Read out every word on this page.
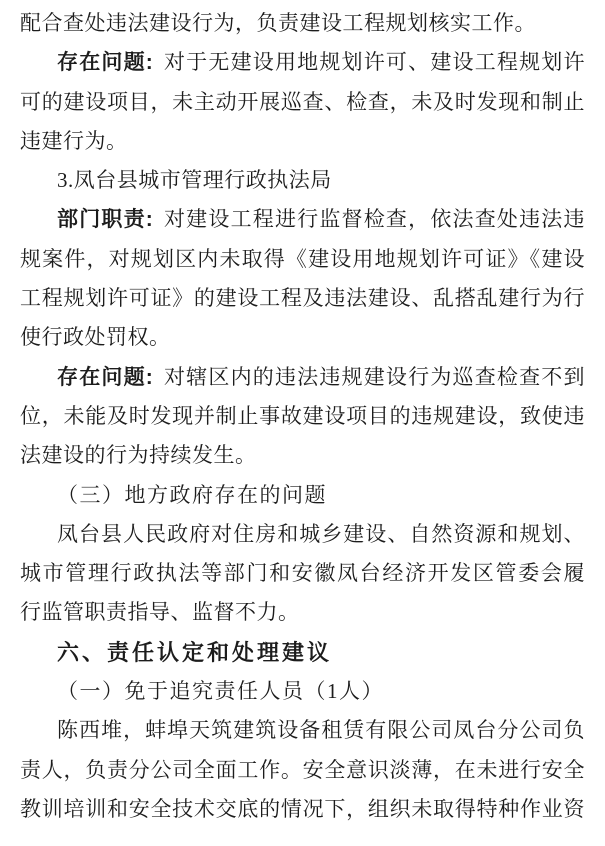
配合查处违法建设行为，负责建设工程规划核实工作。
存在问题: 对于无建设用地规划许可、建设工程规划许
可的建设项目，未主动开展巡查、检查，未及时发现和制止
违建行为。
3.凤台县城市管理行政执法局
部门职责: 对建设工程进行监督检查，依法查处违法违
规案件，对规划区内未取得《建设用地规划许可证》《建设
工程规划许可证》的建设工程及违法建设、乱搭乱建行为行
使行政处罚权。
存在问题: 对辖区内的违法违规建设行为巡查检查不到
位，未能及时发现并制止事故建设项目的违规建设，致使违
法建设的行为持续发生。
（三）地方政府存在的问题
凤台县人民政府对住房和城乡建设、自然资源和规划、
城市管理行政执法等部门和安徽凤台经济开发区管委会履
行监管职责指导、监督不力。
六、责任认定和处理建议
（一）免于追究责任人员（1人）
陈西堆，蚌埠天筑建筑设备租赁有限公司凤台分公司负
责人，负责分公司全面工作。安全意识淡薄，在未进行安全
教训培训和安全技术交底的情况下，组织未取得特种作业资
